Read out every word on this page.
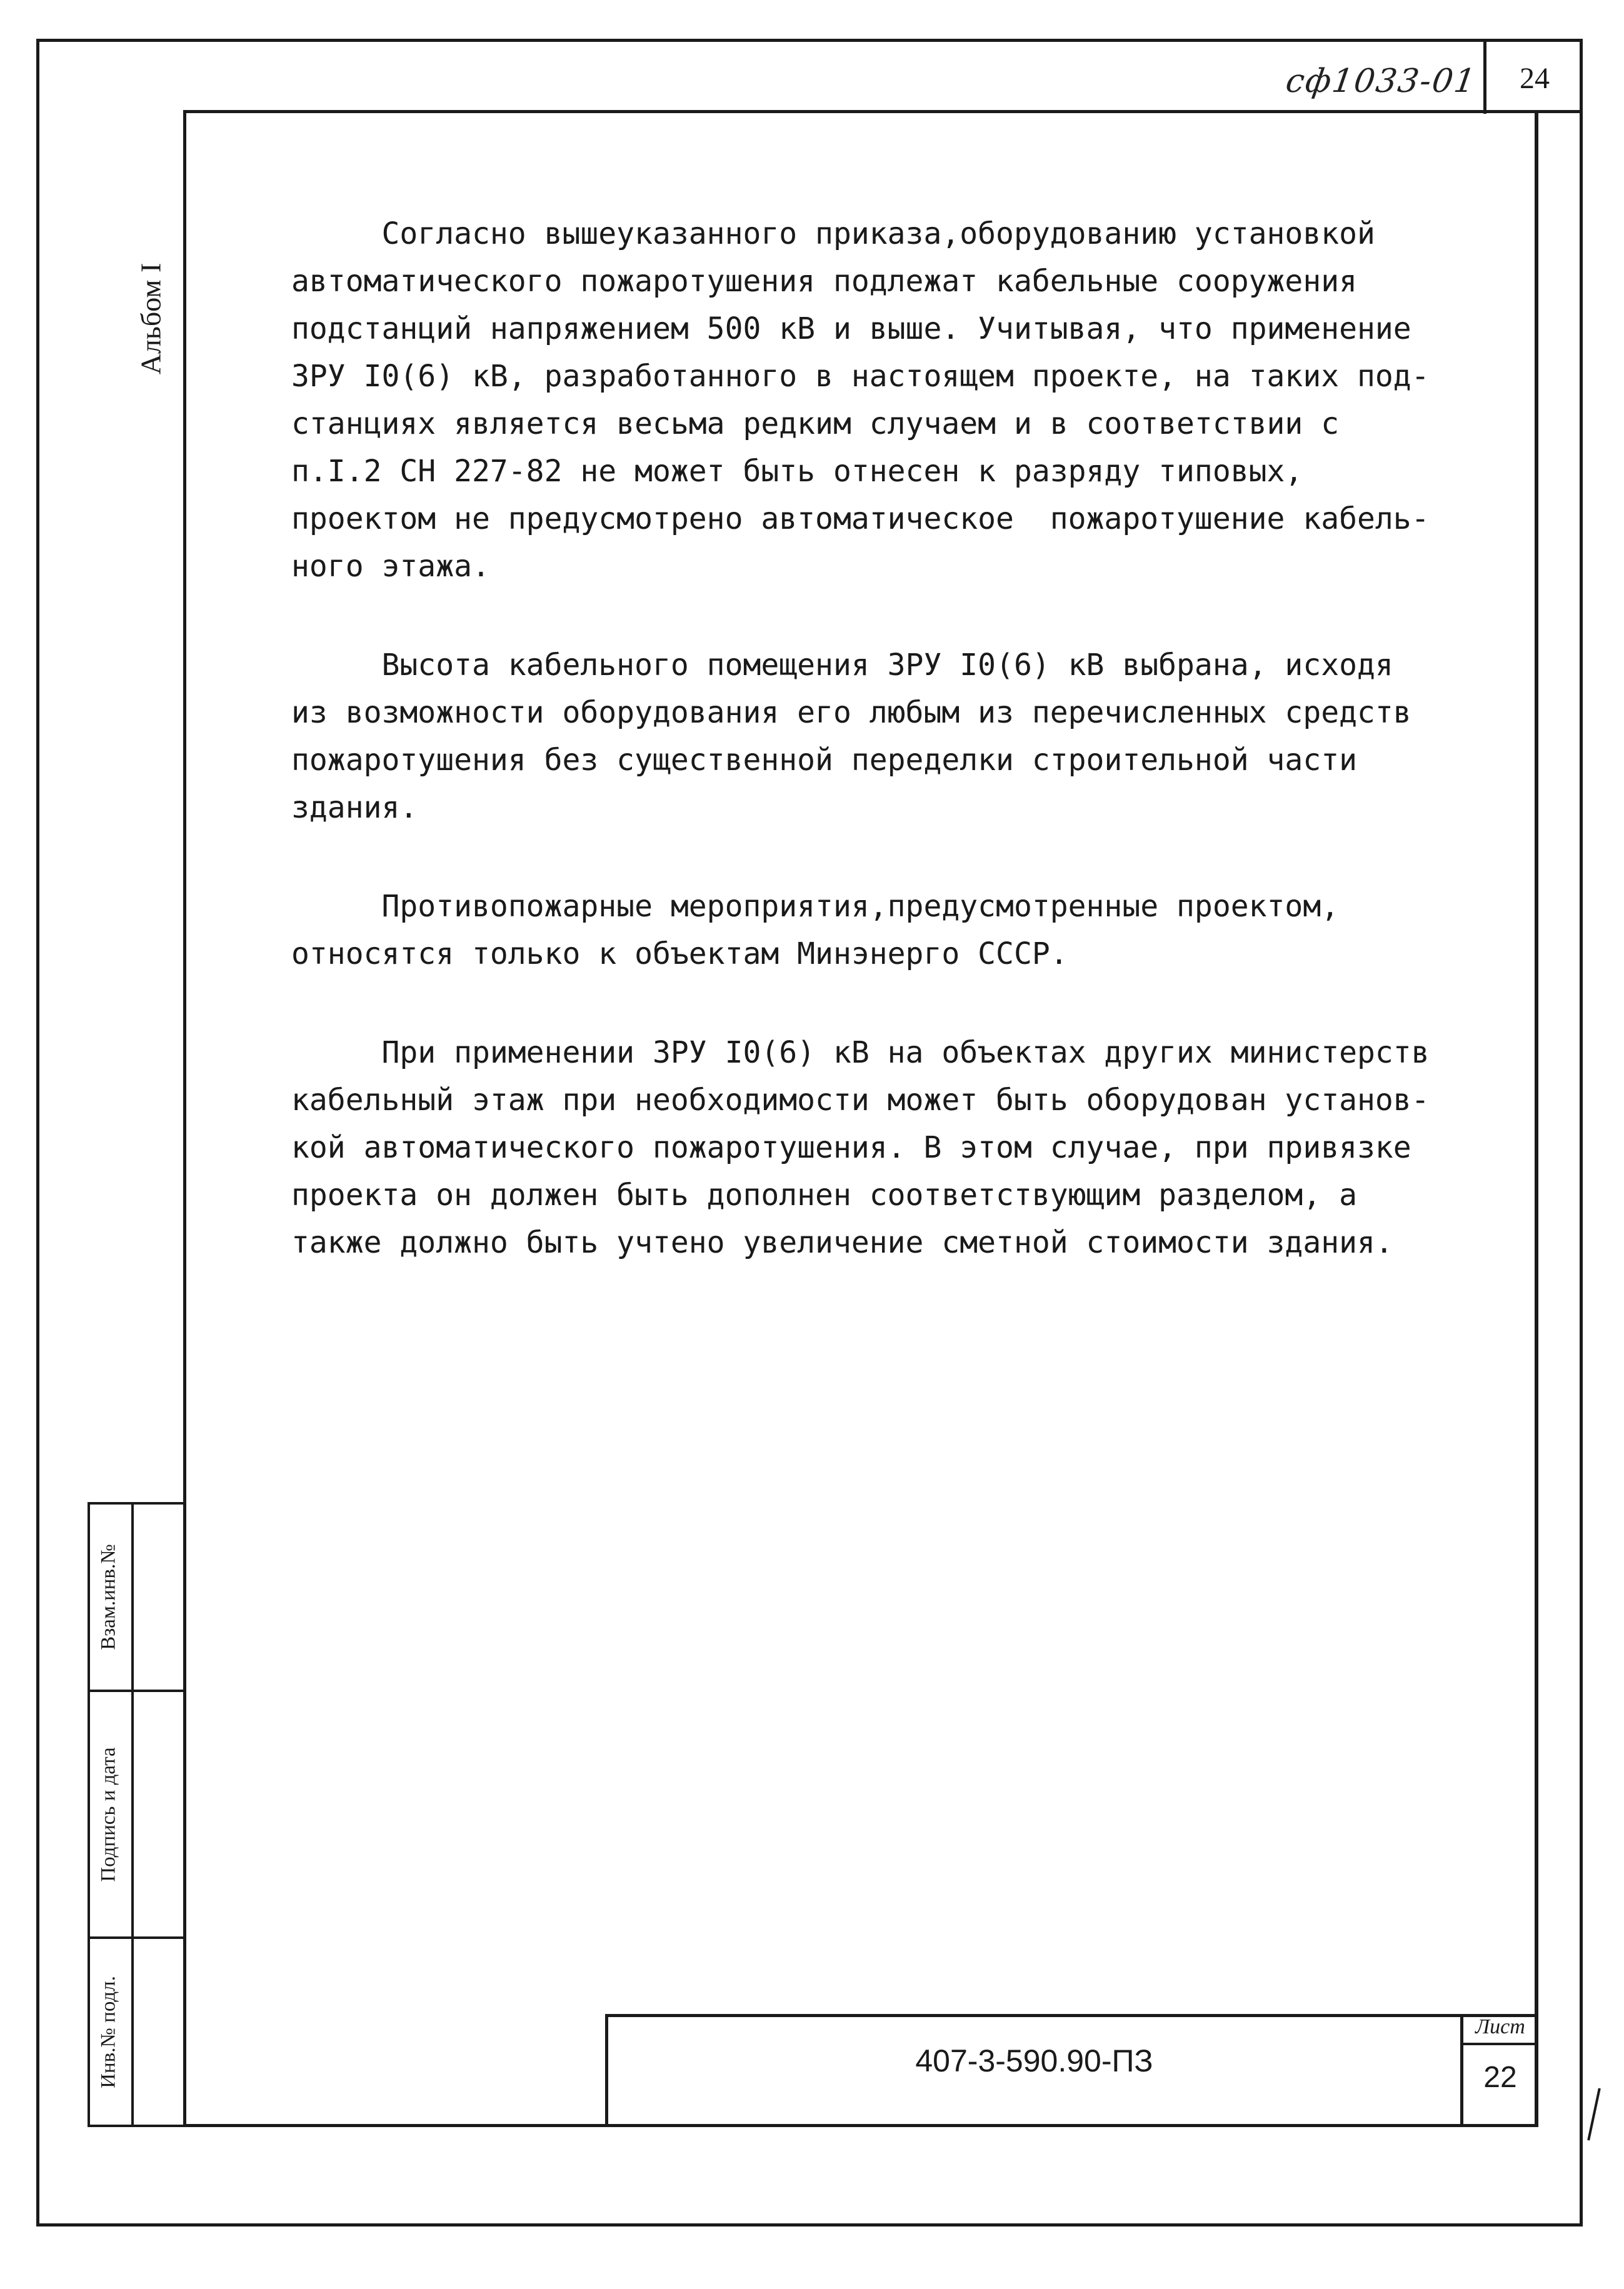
сф1033-01	24
Альбом I
Инв.№ подл.
Подпись и дата
Взам.инв.№

Согласно вышеуказанного приказа,оборудованию установкой

автоматического пожаротушения подлежат кабельные сооружения

подстанций напряжением 500 кВ и выше. Учитывая, что применение

ЗРУ I0(6) кВ, разработанного в настоящем проекте, на таких под-

станциях является весьма редким случаем и в соответствии с

п.I.2 СН 227-82 не может быть отнесен к разряду типовых,

проектом не предусмотрено автоматическое  пожаротушение кабель-

ного этажа.

Высота кабельного помещения ЗРУ I0(6) кВ выбрана, исходя

из возможности оборудования его любым из перечисленных средств

пожаротушения без существенной переделки строительной части

здания.

Противопожарные мероприятия,предусмотренные проектом,

относятся только к объектам Минэнерго СССР.

При применении ЗРУ I0(6) кВ на объектах других министерств

кабельный этаж при необходимости может быть оборудован установ-

кой автоматического пожаротушения. В этом случае, при привязке

проекта он должен быть дополнен соответствующим разделом, а

также должно быть учтено увеличение сметной стоимости здания.

407-3-590.90-ПЗ
Лист
22
